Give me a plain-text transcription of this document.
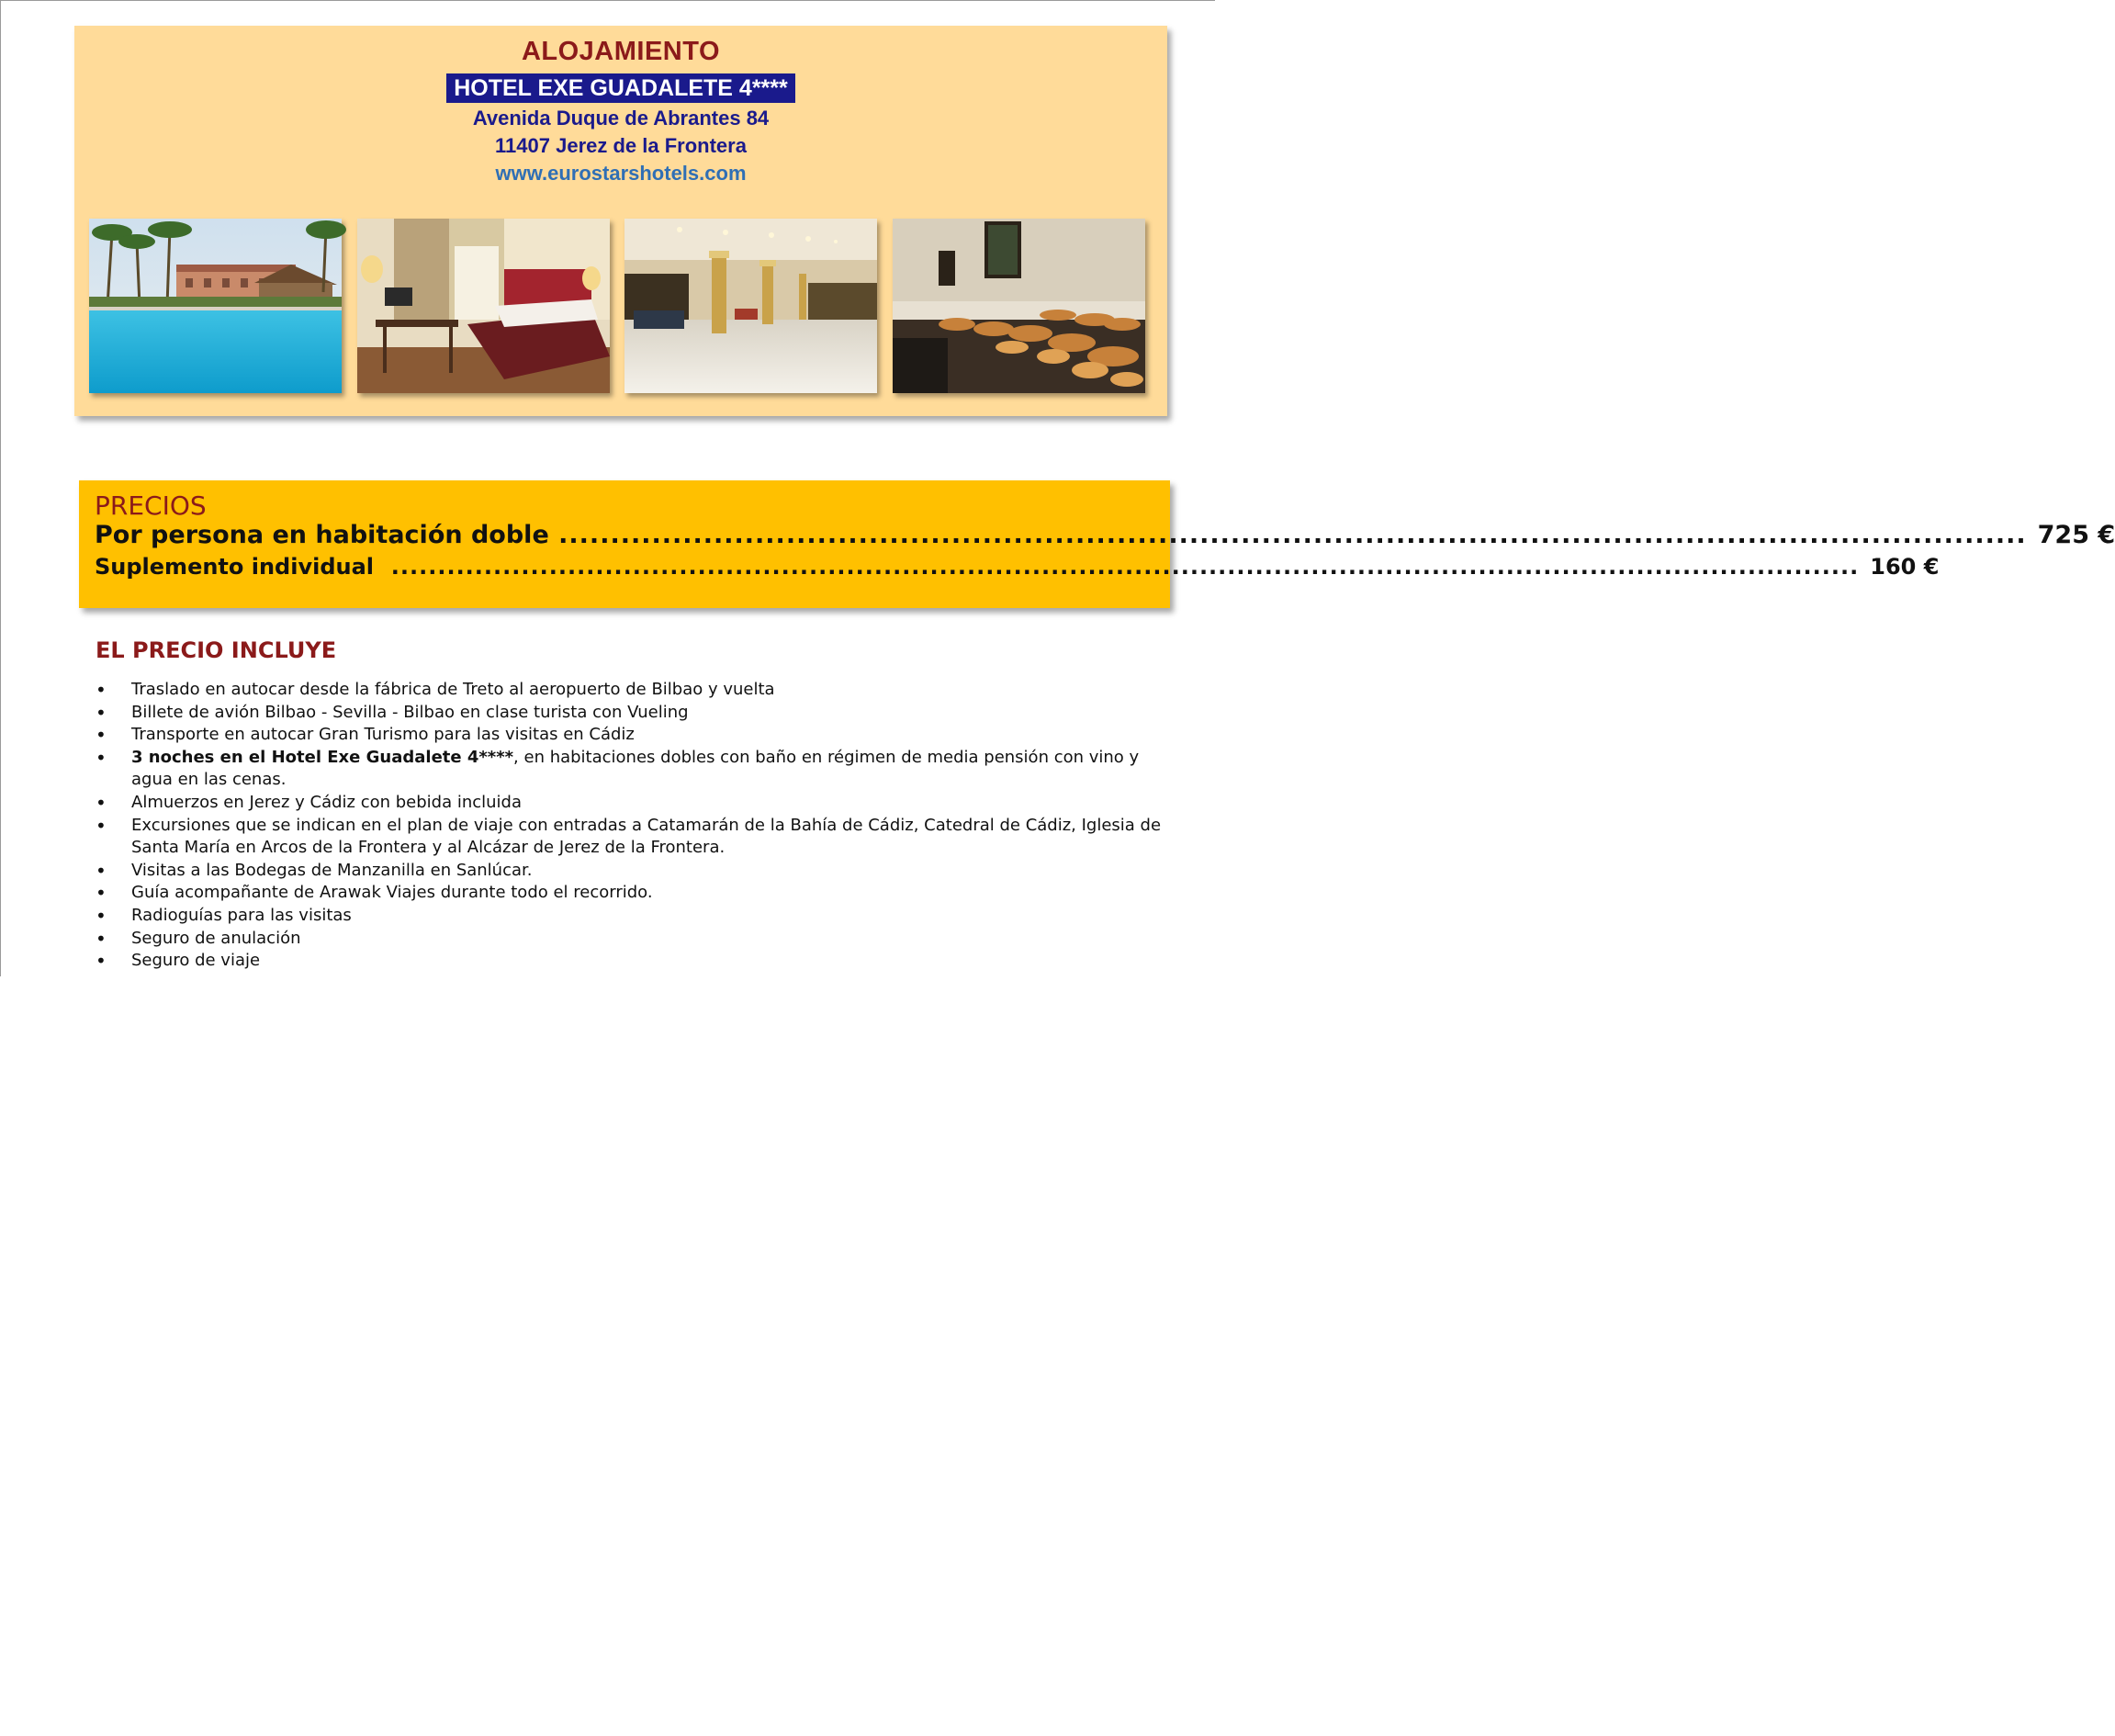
ALOJAMIENTO
HOTEL EXE GUADALETE 4****
Avenida Duque de Abrantes 84
11407 Jerez de la Frontera
www.eurostarshotels.com
PRECIOS
Por persona en habitación doble .............................................................................................................................................. 725 €
Suplemento individual .............................................................................................................................................................. 160 €
EL PRECIO INCLUYE
• Traslado en autocar desde la fábrica de Treto al aeropuerto de Bilbao y vuelta
• Billete de avión Bilbao - Sevilla - Bilbao en clase turista con Vueling
• Transporte en autocar Gran Turismo para las visitas en Cádiz
• 3 noches en el Hotel Exe Guadalete 4****, en habitaciones dobles con baño en régimen de media pensión con vino y agua en las cenas.
• Almuerzos en Jerez y Cádiz con bebida incluida
• Excursiones que se indican en el plan de viaje con entradas a Catamarán de la Bahía de Cádiz, Catedral de Cádiz, Iglesia de Santa María en Arcos de la Frontera y al Alcázar de Jerez de la Frontera.
• Visitas a las Bodegas de Manzanilla en Sanlúcar.
• Guía acompañante de Arawak Viajes durante todo el recorrido.
• Radioguías para las visitas
• Seguro de anulación
• Seguro de viaje
